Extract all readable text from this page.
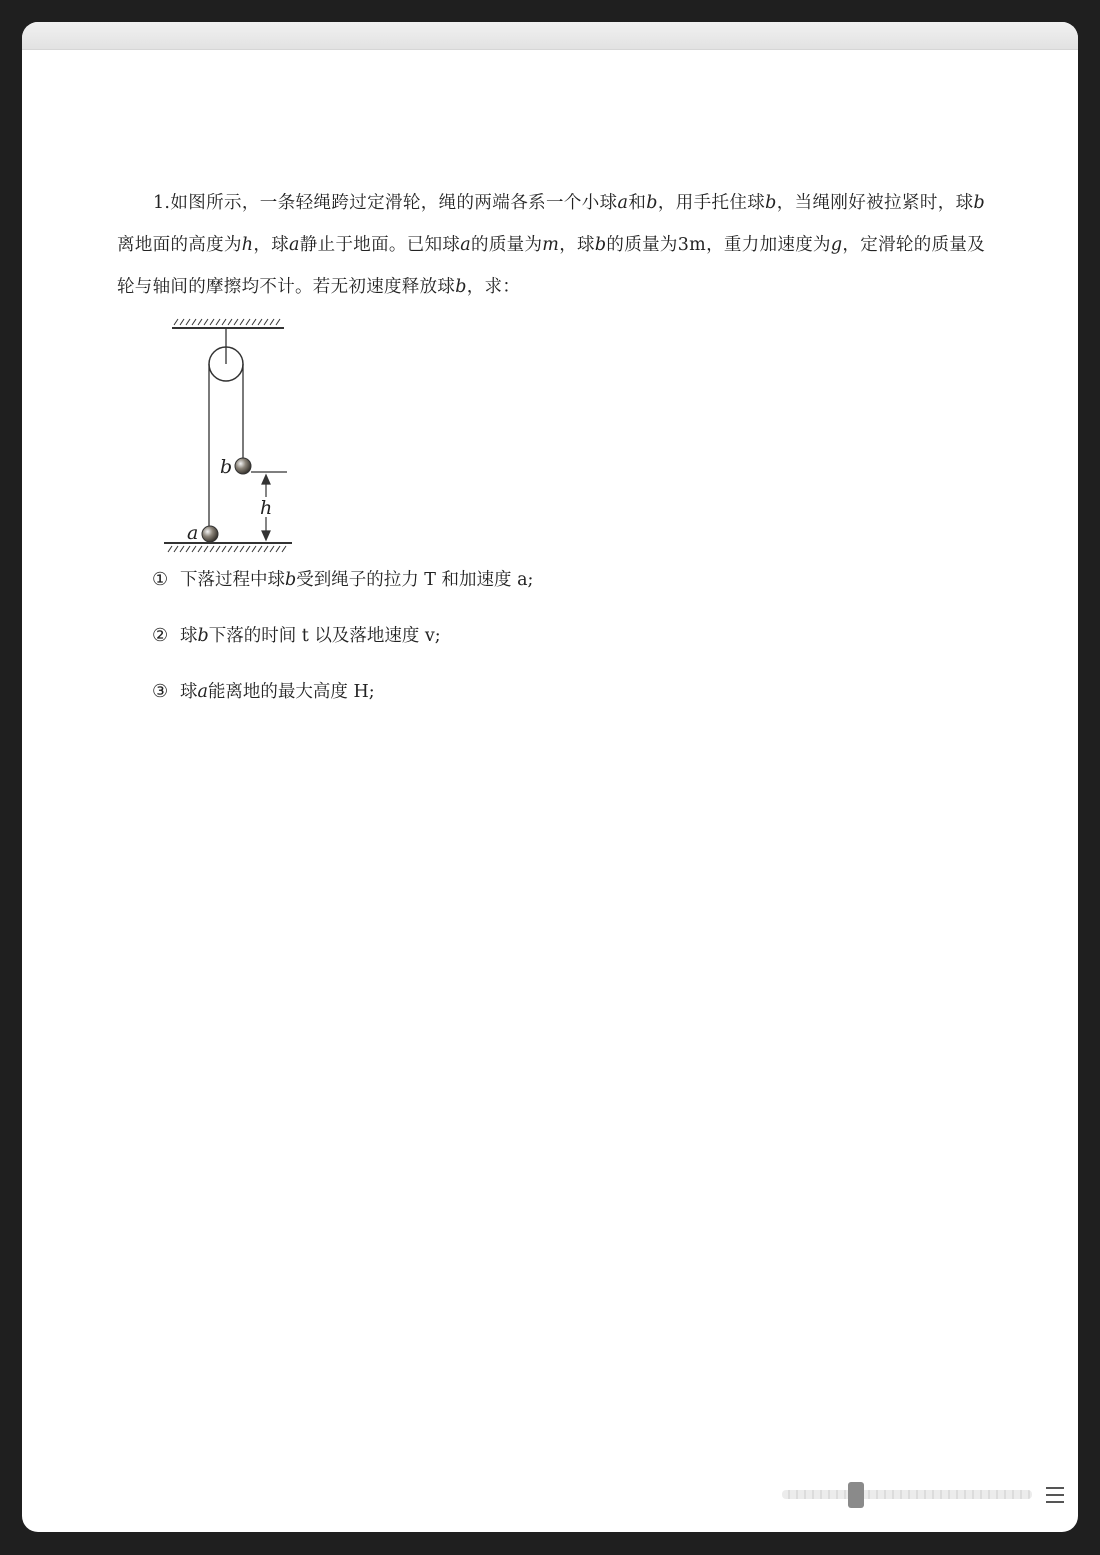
1.如图所示，一条轻绳跨过定滑轮，绳的两端各系一个小球a和b，用手托住球b，当绳刚好被拉紧时，球b离地面的高度为h，球a静止于地面。已知球a的质量为m，球b的质量为3m，重力加速度为g，定滑轮的质量及轮与轴间的摩擦均不计。若无初速度释放球b，求：
b
h
a
① 下落过程中球b受到绳子的拉力 T 和加速度 a;
② 球b下落的时间 t 以及落地速度 v;
③ 球a能离地的最大高度 H;
